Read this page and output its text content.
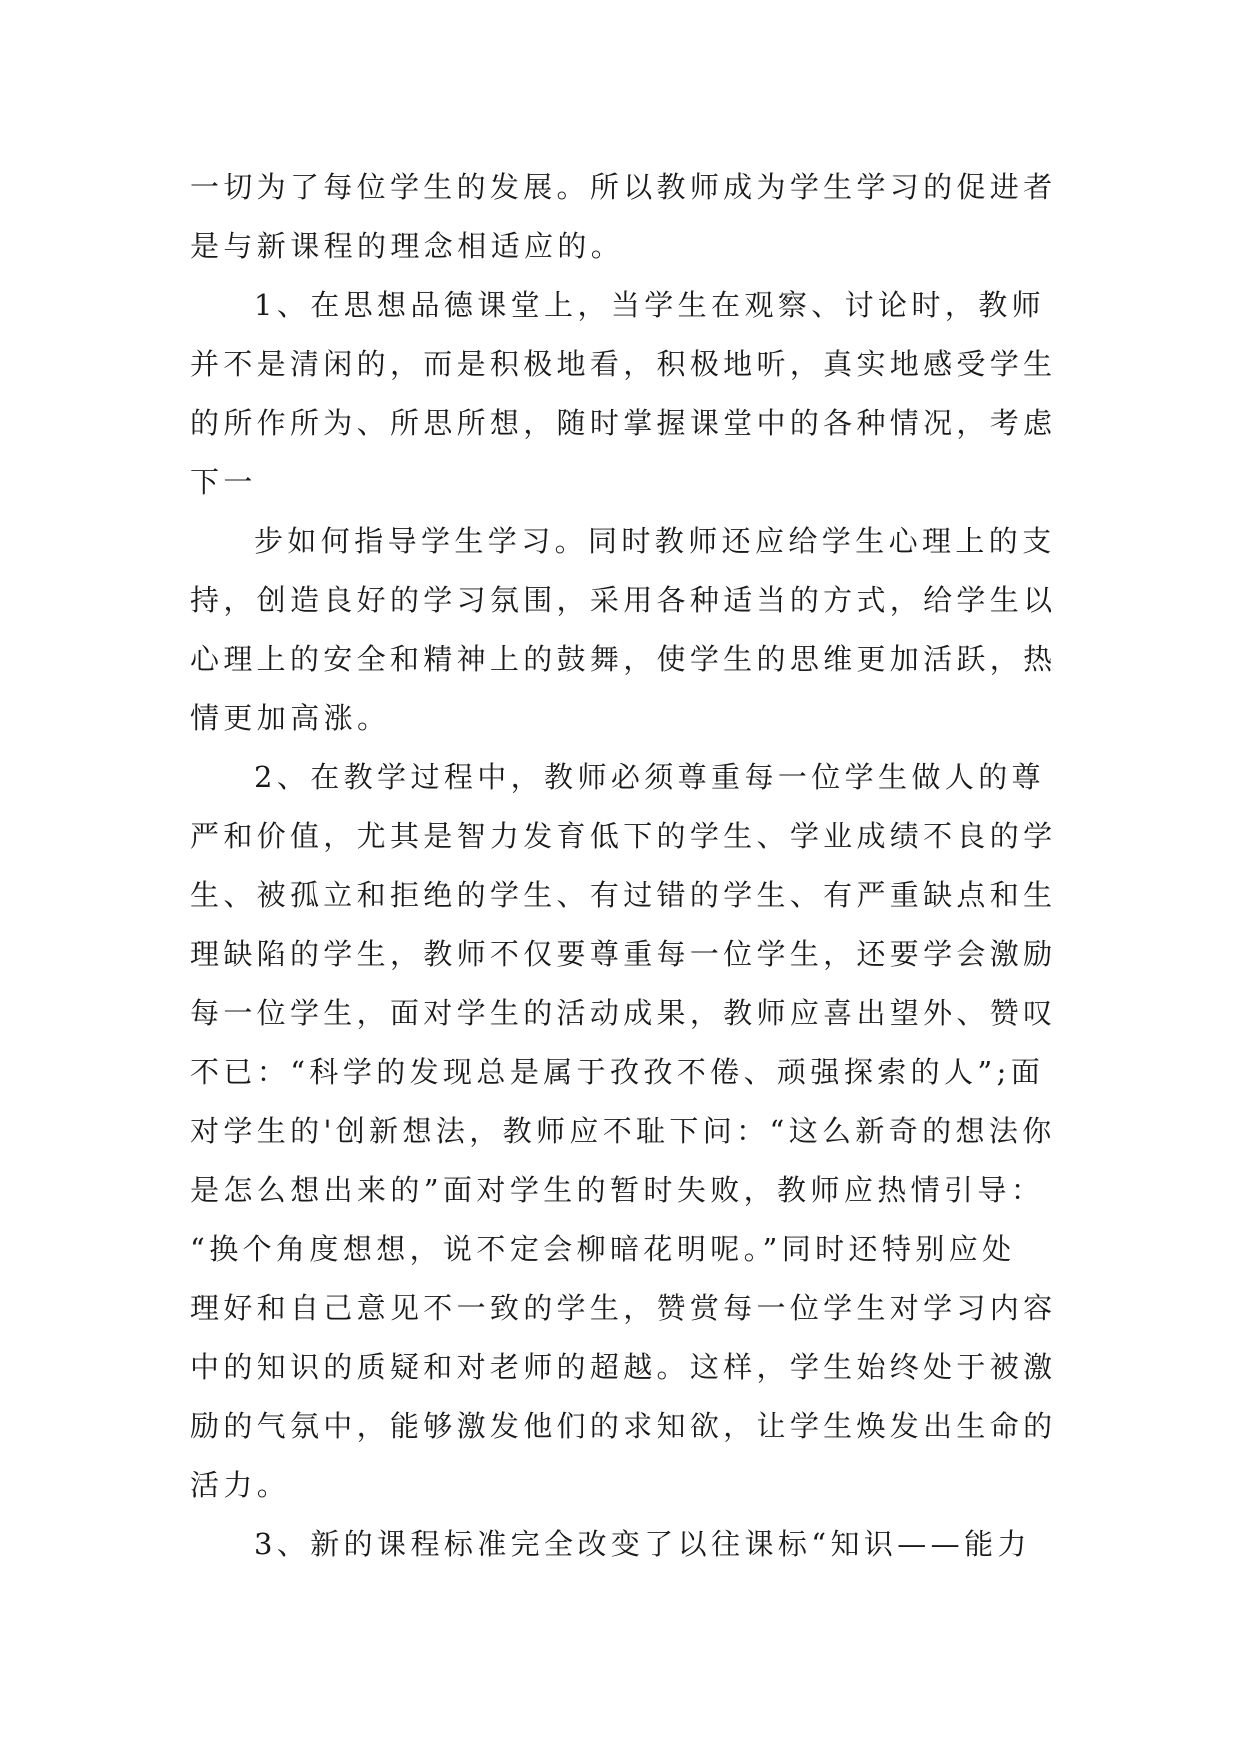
一切为了每位学生的发展。所以教师成为学生学习的促进者
是与新课程的理念相适应的。

1、在思想品德课堂上，当学生在观察、讨论时，教师
并不是清闲的，而是积极地看，积极地听，真实地感受学生
的所作所为、所思所想，随时掌握课堂中的各种情况，考虑
下一

步如何指导学生学习。同时教师还应给学生心理上的支
持，创造良好的学习氛围，采用各种适当的方式，给学生以
心理上的安全和精神上的鼓舞，使学生的思维更加活跃，热
情更加高涨。

2、在教学过程中，教师必须尊重每一位学生做人的尊
严和价值，尤其是智力发育低下的学生、学业成绩不良的学
生、被孤立和拒绝的学生、有过错的学生、有严重缺点和生
理缺陷的学生，教师不仅要尊重每一位学生，还要学会激励
每一位学生，面对学生的活动成果，教师应喜出望外、赞叹
不已：“科学的发现总是属于孜孜不倦、顽强探索的人”;面
对学生的'创新想法，教师应不耻下问：“这么新奇的想法你
是怎么想出来的”面对学生的暂时失败，教师应热情引导：
“换个角度想想，说不定会柳暗花明呢。”同时还特别应处
理好和自己意见不一致的学生，赞赏每一位学生对学习内容
中的知识的质疑和对老师的超越。这样，学生始终处于被激
励的气氛中，能够激发他们的求知欲，让学生焕发出生命的
活力。

3、新的课程标准完全改变了以往课标“知识——能力
